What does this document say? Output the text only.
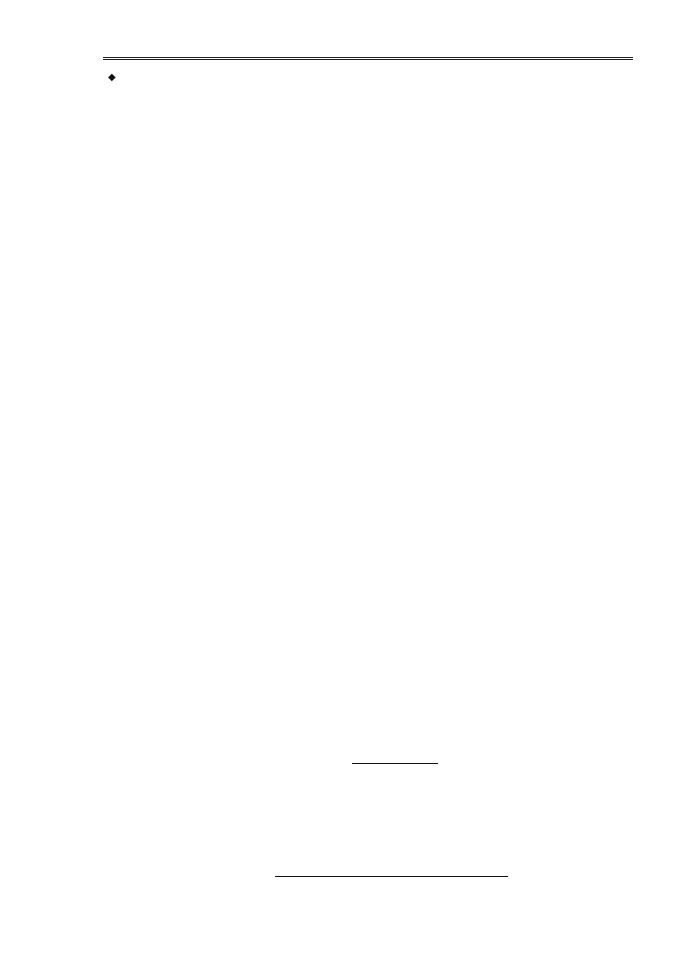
◆
